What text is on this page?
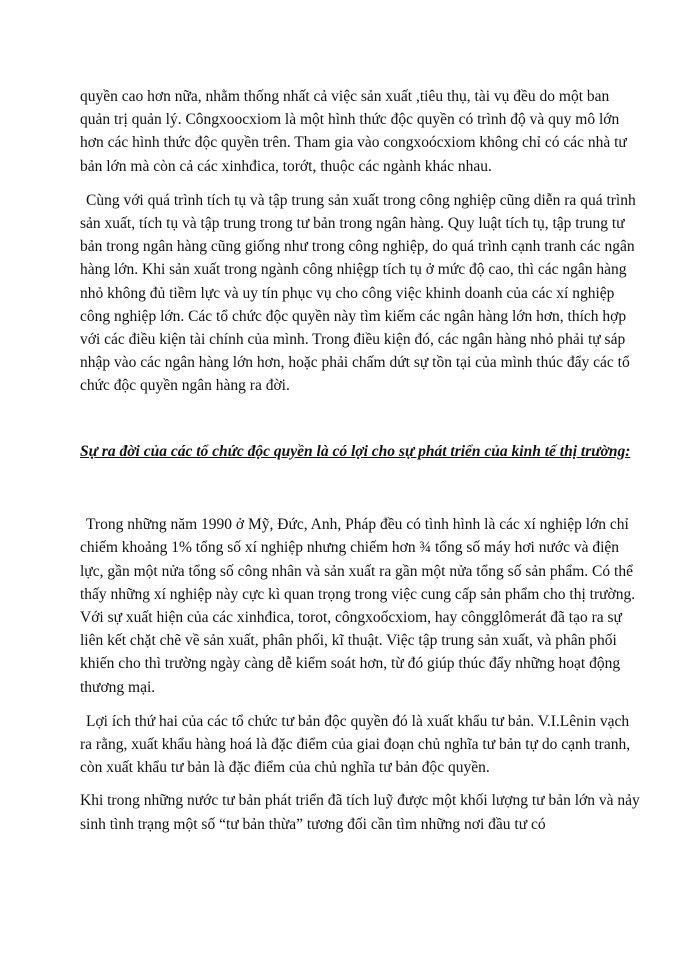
quyền cao hơn nữa, nhằm thống nhất cả việc sản xuất ,tiêu thụ, tài vụ đều do một ban quản trị quản lý. Côngxoocxiom là một hình thức độc quyền có trình độ và quy mô lớn hơn các hình thức độc quyền trên. Tham gia vào congxoócxiom không chỉ có các nhà tư bản lớn mà còn cả các xinhđica, torớt, thuộc các ngành khác nhau.

Cùng với quá trình tích tụ và tập trung sản xuất trong công nghiệp cũng diễn ra quá trình sản xuất, tích tụ và tập trung trong tư bản trong ngân hàng. Quy luật tích tụ, tập trung tư bản trong ngân hàng cũng giống như trong công nghiệp, do quá trình cạnh tranh các ngân hàng lớn. Khi sản xuất trong ngành công nhiệgp tích tụ ở mức độ cao, thì các ngân hàng nhỏ không đủ tiềm lực và uy tín phục vụ cho công việc khinh doanh của các xí nghiệp công nghiệp lớn. Các tổ chức độc quyền này tìm kiếm các ngân hàng lớn hơn, thích hợp với các điều kiện tài chính của mình. Trong điều kiện đó, các ngân hàng nhỏ phải tự sáp nhập vào các ngân hàng lớn hơn, hoặc phải chấm dứt sự tồn tại của mình thúc đẩy các tổ chức độc quyền ngân hàng ra đời.

Sự ra đời của các tổ chức độc quyền là có lợi cho sự phát triển của kinh tế thị trường:

Trong những năm 1990 ở Mỹ, Đức, Anh, Pháp đều có tình hình là các xí nghiệp lớn chỉ chiếm khoảng 1% tổng số xí nghiệp nhưng chiếm hơn ¾ tổng số máy hơi nước và điện lực, gần một nửa tổng số công nhân và sản xuất ra gần một nửa tổng số sản phẩm. Có thể thấy những xí nghiệp này cực kì quan trọng trong việc cung cấp sản phẩm cho thị trường. Với sự xuất hiện của các xinhđica, torot, côngxoốcxiom, hay côngglômerát đã tạo ra sự liên kết chặt chẽ về sản xuất, phân phối, kĩ thuật. Việc tập trung sản xuất, và phân phối khiến cho thì trường ngày càng dễ kiểm soát hơn, từ đó giúp thúc đẩy những hoạt động thương mại.

Lợi ích thứ hai của các tổ chức tư bản độc quyền đó là xuất khẩu tư bản. V.I.Lênin vạch ra rằng, xuất khẩu hàng hoá là đặc điểm của giai đoạn chủ nghĩa tư bản tự do cạnh tranh, còn xuất khẩu tư bản là đặc điểm của chủ nghĩa tư bản độc quyền.

Khi trong những nước tư bản phát triển đã tích luỹ được một khối lượng tư bản lớn và nảy sinh tình trạng một số “tư bản thừa” tương đối cần tìm những nơi đầu tư có
